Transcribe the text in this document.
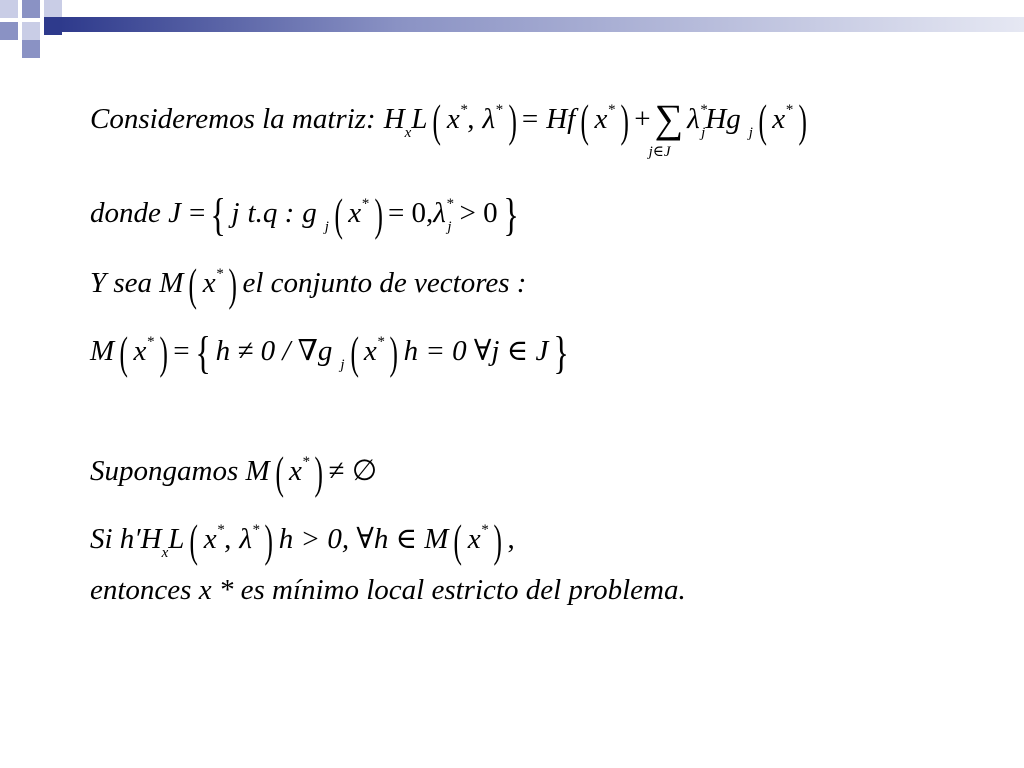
Consideremos la matriz: $H_xL$ ( x*, λ* ) = Hf ( x* ) + ∑
j∈J
$\lambda^*_jHg$ $_j$ ( x* )
donde J = { j t.q : g $_j$ ( x* ) = $0,\lambda^*_j > 0$ }
Y sea M ( x* ) el conjunto de vectores :
M ( x* ) = { h ≠ 0 / ∇g $_j$ ( x* ) h = 0 ∀j ∈ J }
Supongamos M ( x* ) ≠ ∅
Si $h'H_xL$ ( x*, λ* ) h > 0, ∀h ∈ M ( x* ) ,
entonces x * es mínimo local estricto del problema.
